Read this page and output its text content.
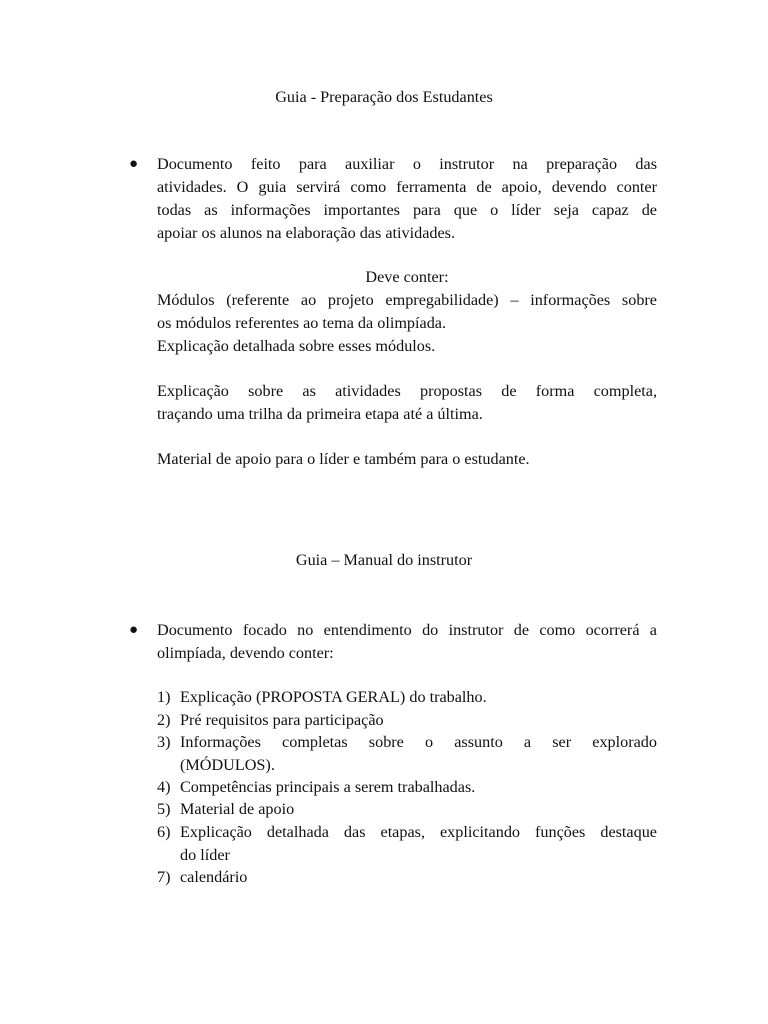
Guia - Preparação dos Estudantes
● Documento feito para auxiliar o instrutor na preparação das
atividades. O guia servirá como ferramenta de apoio, devendo conter
todas as informações importantes para que o líder seja capaz de
apoiar os alunos na elaboração das atividades.
Deve conter:
Módulos (referente ao projeto empregabilidade) – informações sobre
os módulos referentes ao tema da olimpíada.
Explicação detalhada sobre esses módulos.
Explicação sobre as atividades propostas de forma completa,
traçando uma trilha da primeira etapa até a última.
Material de apoio para o líder e também para o estudante.
Guia – Manual do instrutor
● Documento focado no entendimento do instrutor de como ocorrerá a
olimpíada, devendo conter:
1) Explicação (PROPOSTA GERAL) do trabalho.
2) Pré requisitos para participação
3) Informações completas sobre o assunto a ser explorado
(MÓDULOS).
4) Competências principais a serem trabalhadas.
5) Material de apoio
6) Explicação detalhada das etapas, explicitando funções destaque
do líder
7) calendário
